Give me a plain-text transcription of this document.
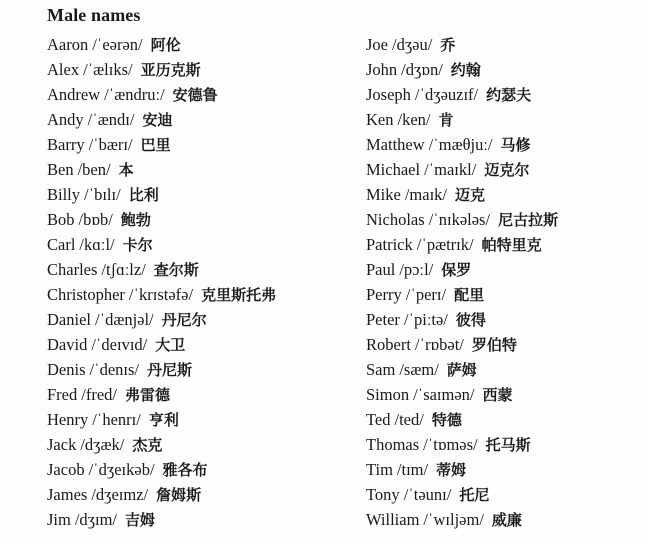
Male names
Aaron /ˈeərən/ 阿伦
Alex /ˈælɪks/ 亚历克斯
Andrew /ˈændruː/ 安德鲁
Andy /ˈændɪ/ 安迪
Barry /ˈbærɪ/ 巴里
Ben /ben/ 本
Billy /ˈbɪlɪ/ 比利
Bob /bɒb/ 鲍勃
Carl /kɑːl/ 卡尔
Charles /tʃɑːlz/ 查尔斯
Christopher /ˈkrɪstəfə/ 克里斯托弗
Daniel /ˈdænjəl/ 丹尼尔
David /ˈdeɪvɪd/ 大卫
Denis /ˈdenɪs/ 丹尼斯
Fred /fred/ 弗雷德
Henry /ˈhenrɪ/ 亨利
Jack /dʒæk/ 杰克
Jacob /ˈdʒeɪkəb/ 雅各布
James /dʒeɪmz/ 詹姆斯
Jim /dʒɪm/ 吉姆
Joe /dʒəu/ 乔
John /dʒɒn/ 约翰
Joseph /ˈdʒəuzɪf/ 约瑟夫
Ken /ken/ 肯
Matthew /ˈmæθjuː/ 马修
Michael /ˈmaɪkl/ 迈克尔
Mike /maɪk/ 迈克
Nicholas /ˈnɪkələs/ 尼古拉斯
Patrick /ˈpætrɪk/ 帕特里克
Paul /pɔːl/ 保罗
Perry /ˈperɪ/ 配里
Peter /ˈpiːtə/ 彼得
Robert /ˈrɒbət/ 罗伯特
Sam /sæm/ 萨姆
Simon /ˈsaɪmən/ 西蒙
Ted /ted/ 特德
Thomas /ˈtɒməs/ 托马斯
Tim /tɪm/ 蒂姆
Tony /ˈtəunɪ/ 托尼
William /ˈwɪljəm/ 威廉
